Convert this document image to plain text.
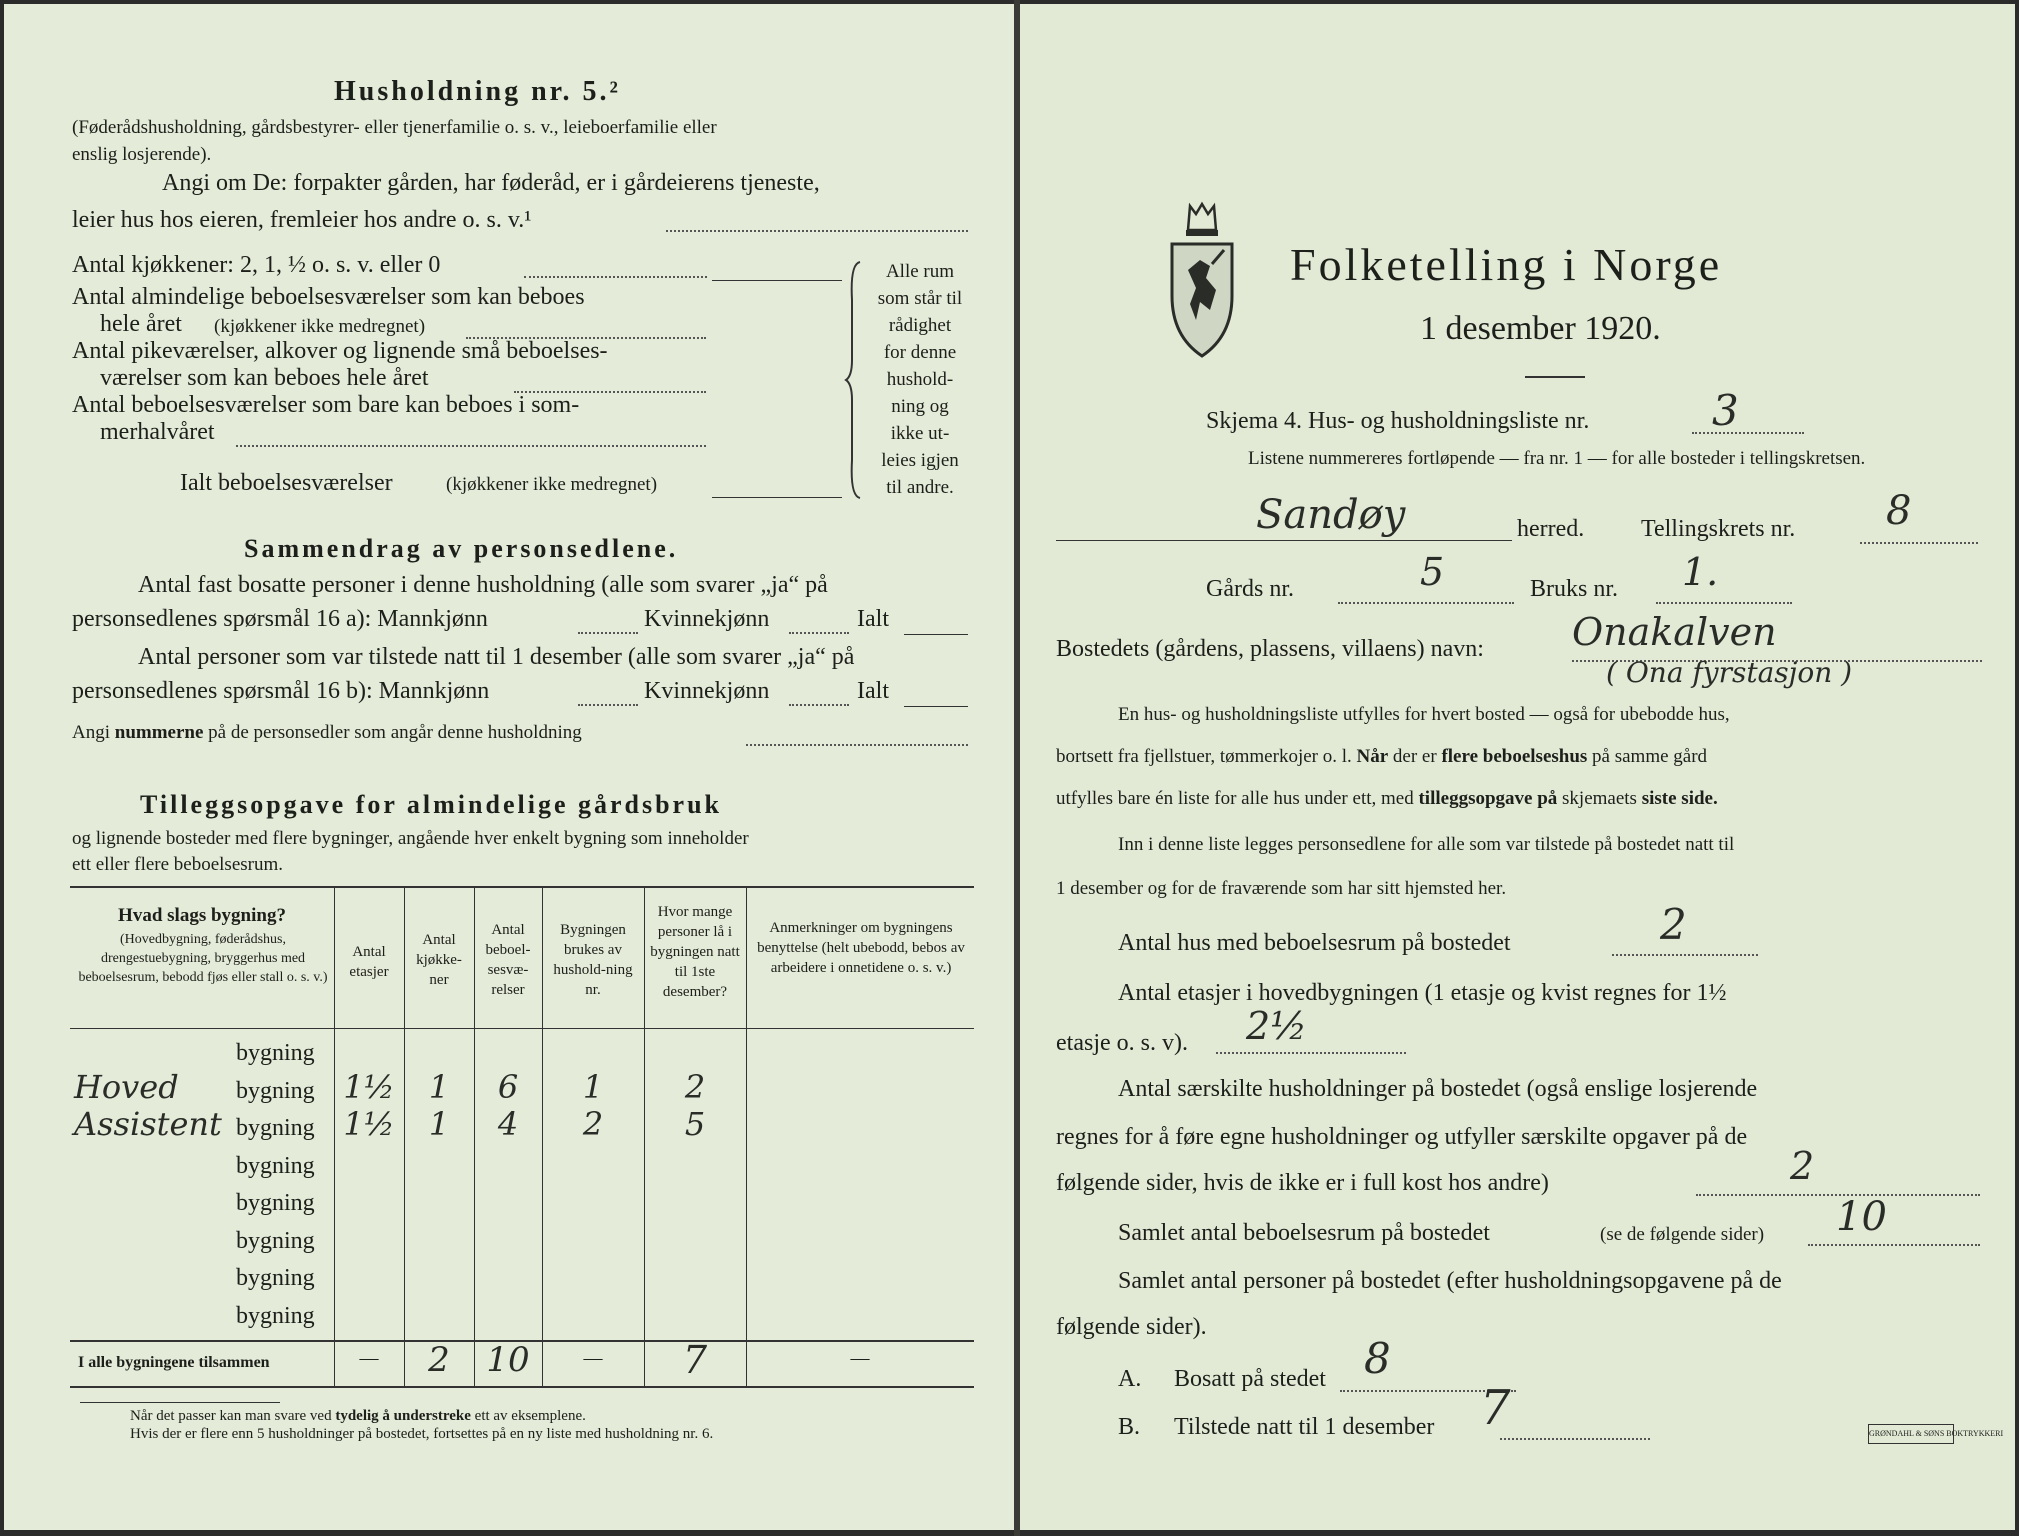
Husholdning nr. 5.²
(Føderådshusholdning, gårdsbestyrer- eller tjenerfamilie o. s. v., leieboerfamilie eller
enslig losjerende).
Angi om De: forpakter gården, har føderåd, er i gårdeierens tjeneste,
leier hus hos eieren, fremleier hos andre o. s. v.¹
Antal kjøkkener: 2, 1, ½ o. s. v. eller 0
Antal almindelige beboelsesværelser som kan beboes
hele året (kjøkkener ikke medregnet)
Antal pikeværelser, alkover og lignende små beboelses-
værelser som kan beboes hele året
Antal beboelsesværelser som bare kan beboes i som-
merhalvåret
Ialt beboelsesværelser	(kjøkkener ikke medregnet)
Alle rum
som står til
rådighet
for denne
hushold-
ning og
ikke ut-
leies igjen
til andre.
Sammendrag av personsedlene.
Antal fast bosatte personer i denne husholdning (alle som svarer „ja“ på
personsedlenes spørsmål 16 a): Mannkjønn	Kvinnekjønn	Ialt
Antal personer som var tilstede natt til 1 desember (alle som svarer „ja“ på
personsedlenes spørsmål 16 b): Mannkjønn	Kvinnekjønn	Ialt
Angi nummerne på de personsedler som angår denne husholdning
Tilleggsopgave for almindelige gårdsbruk
og lignende bosteder med flere bygninger, angående hver enkelt bygning som inneholder
ett eller flere beboelsesrum.
Hvad slags bygning?
(Hovedbygning, føderådshus, drengestuebygning, bryggerhus med beboelsesrum, bebodd fjøs eller stall o. s. v.)
Antal etasjer
Antal kjøkke-ner
Antal beboel-sesvæ-relser
Bygningen brukes av hushold-ning nr.
Hvor mange personer lå i bygningen natt til 1ste desember?
Anmerkninger om bygningens benyttelse (helt ubebodd, bebos av arbeidere i onnetidene o. s. v.)
bygning
Hoved bygning 1½	1	6	1	2
Assistent bygning 1½	1	4	2	5
bygning
bygning
bygning
bygning
bygning
I alle bygningene tilsammen	—	2	10	—	7	—
Når det passer kan man svare ved tydelig å understreke ett av eksemplene.
Hvis der er flere enn 5 husholdninger på bostedet, fortsettes på en ny liste med husholdning nr. 6.
Folketelling i Norge
1 desember 1920.
Skjema 4. Hus- og husholdningsliste nr.	3
Listene nummereres fortløpende — fra nr. 1 — for alle bosteder i tellingskretsen.
Sandøy	herred. Tellingskrets nr. 8
Gårds nr.	5	Bruks nr. 1.
Bostedets (gårdens, plassens, villaens) navn: Onakalven
( Ona fyrstasjon )
En hus- og husholdningsliste utfylles for hvert bosted — også for ubebodde hus,
bortsett fra fjellstuer, tømmerkojer o. l. Når der er flere beboelseshus på samme gård
utfylles bare én liste for alle hus under ett, med tilleggsopgave på skjemaets siste side.
Inn i denne liste legges personsedlene for alle som var tilstede på bostedet natt til
1 desember og for de fraværende som har sitt hjemsted her.
Antal hus med beboelsesrum på bostedet	2
Antal etasjer i hovedbygningen (1 etasje og kvist regnes for 1½
etasje o. s. v). 2½
Antal særskilte husholdninger på bostedet (også enslige losjerende
regnes for å føre egne husholdninger og utfyller særskilte opgaver på de
følgende sider, hvis de ikke er i full kost hos andre)	2
Samlet antal beboelsesrum på bostedet	(se de følgende sider) 10
Samlet antal personer på bostedet (efter husholdningsopgavene på de
følgende sider).
A. Bosatt på stedet 8
B. Tilstede natt til 1 desember 7	GRØNDAHL & SØNS BOKTRYKKERI
